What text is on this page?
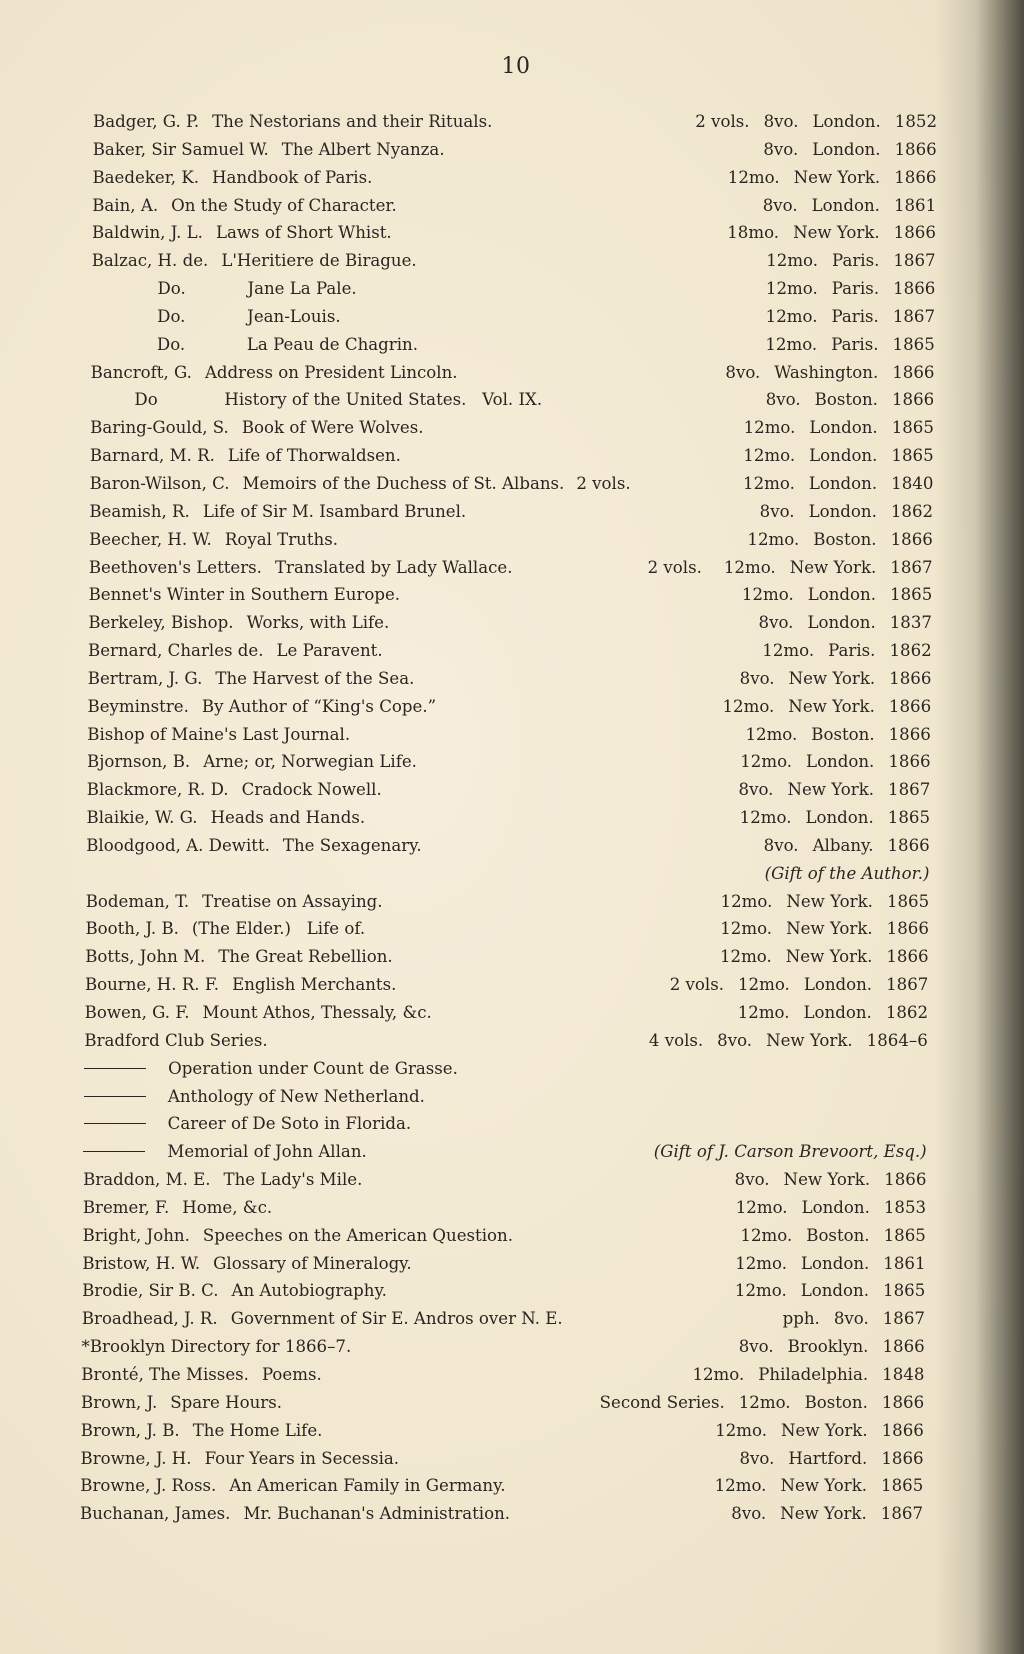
10
Badger, G. P. The Nestorians and their Rituals.	2 vols. 8vo. London. 1852
Baker, Sir Samuel W. The Albert Nyanza.	8vo. London. 1866
Baedeker, K. Handbook of Paris.	12mo. New York. 1866
Bain, A. On the Study of Character.	8vo. London. 1861
Baldwin, J. L. Laws of Short Whist.	18mo. New York. 1866
Balzac, H. de. L'Heritiere de Birague.	12mo. Paris. 1867
Do.	Jane La Pale.	12mo. Paris. 1866
Do.	Jean-Louis.	12mo. Paris. 1867
Do.	La Peau de Chagrin.	12mo. Paris. 1865
Bancroft, G. Address on President Lincoln.	8vo. Washington. 1866
Do	History of the United States.   Vol. IX.	8vo. Boston. 1866
Baring-Gould, S. Book of Were Wolves.	12mo. London. 1865
Barnard, M. R. Life of Thorwaldsen.	12mo. London. 1865
Baron-Wilson, C. Memoirs of the Duchess of St. Albans. 2 vols.	12mo. London. 1840
Beamish, R. Life of Sir M. Isambard Brunel.	8vo. London. 1862
Beecher, H. W. Royal Truths.	12mo. Boston. 1866
Beethoven's Letters. Translated by Lady Wallace.	2 vols. 12mo. New York. 1867
Bennet's Winter in Southern Europe.	12mo. London. 1865
Berkeley, Bishop. Works, with Life.	8vo. London. 1837
Bernard, Charles de. Le Paravent.	12mo. Paris. 1862
Bertram, J. G. The Harvest of the Sea.	8vo. New York. 1866
Beyminstre. By Author of “King's Cope.”	12mo. New York. 1866
Bishop of Maine's Last Journal.	12mo. Boston. 1866
Bjornson, B. Arne; or, Norwegian Life.	12mo. London. 1866
Blackmore, R. D. Cradock Nowell.	8vo. New York. 1867
Blaikie, W. G. Heads and Hands.	12mo. London. 1865
Bloodgood, A. Dewitt. The Sexagenary.	8vo. Albany. 1866
(Gift of the Author.)
Bodeman, T. Treatise on Assaying.	12mo. New York. 1865
Booth, J. B. (The Elder.)   Life of.	12mo. New York. 1866
Botts, John M. The Great Rebellion.	12mo. New York. 1866
Bourne, H. R. F. English Merchants.	2 vols. 12mo. London. 1867
Bowen, G. F. Mount Athos, Thessaly, &c.	12mo. London. 1862
Bradford Club Series.	4 vols. 8vo. New York. 1864–6
Operation under Count de Grasse.
Anthology of New Netherland.
Career of De Soto in Florida.
Memorial of John Allan.	(Gift of J. Carson Brevoort, Esq.)
Braddon, M. E. The Lady's Mile.	8vo. New York. 1866
Bremer, F. Home, &c.	12mo. London. 1853
Bright, John. Speeches on the American Question.	12mo. Boston. 1865
Bristow, H. W. Glossary of Mineralogy.	12mo. London. 1861
Brodie, Sir B. C. An Autobiography.	12mo. London. 1865
Broadhead, J. R. Government of Sir E. Andros over N. E.	pph. 8vo. 1867
*Brooklyn Directory for 1866–7.	8vo. Brooklyn. 1866
Bronté, The Misses. Poems.	12mo. Philadelphia. 1848
Brown, J. Spare Hours.	Second Series. 12mo. Boston. 1866
Brown, J. B. The Home Life.	12mo. New York. 1866
Browne, J. H. Four Years in Secessia.	8vo. Hartford. 1866
Browne, J. Ross. An American Family in Germany.	12mo. New York. 1865
Buchanan, James. Mr. Buchanan's Administration.	8vo. New York. 1867
